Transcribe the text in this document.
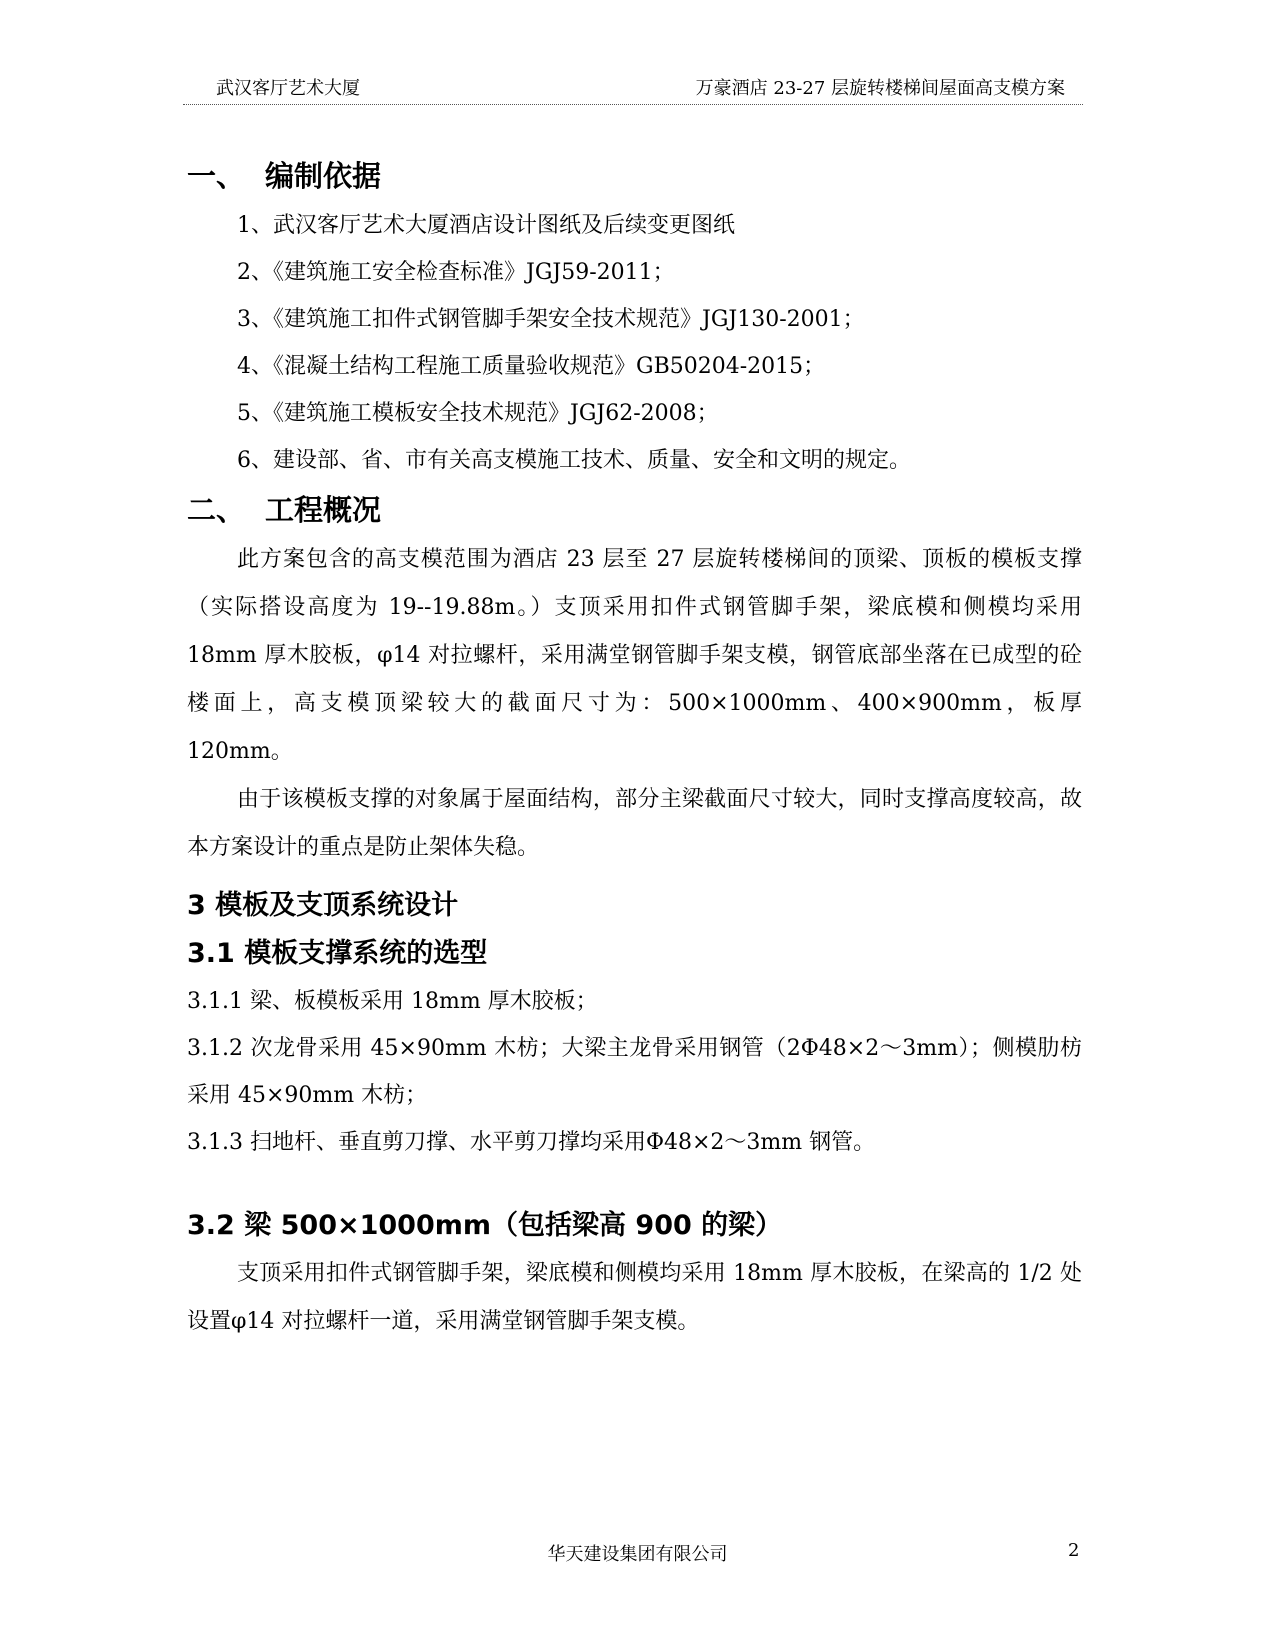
武汉客厅艺术大厦	万豪酒店 23-27 层旋转楼梯间屋面高支模方案
一、 编制依据

1、武汉客厅艺术大厦酒店设计图纸及后续变更图纸

2、《建筑施工安全检查标准》JGJ59-2011；

3、《建筑施工扣件式钢管脚手架安全技术规范》JGJ130-2001；

4、《混凝土结构工程施工质量验收规范》GB50204-2015；

5、《建筑施工模板安全技术规范》JGJ62-2008；

6、建设部、省、市有关高支模施工技术、质量、安全和文明的规定。

二、 工程概况

此方案包含的高支模范围为酒店 23 层至 27 层旋转楼梯间的顶梁、顶板的模板支撑（实际搭设高度为 19--19.88m。）支顶采用扣件式钢管脚手架，梁底模和侧模均采用 18mm 厚木胶板，φ14 对拉螺杆，采用满堂钢管脚手架支模，钢管底部坐落在已成型的砼楼面上，高支模顶梁较大的截面尺寸为：500×1000mm、400×900mm，板厚 120mm。

由于该模板支撑的对象属于屋面结构，部分主梁截面尺寸较大，同时支撑高度较高，故本方案设计的重点是防止架体失稳。

3 模板及支顶系统设计
3.1 模板支撑系统的选型

3.1.1 梁、板模板采用 18mm 厚木胶板；

3.1.2 次龙骨采用 45×90mm 木枋；大梁主龙骨采用钢管（2Φ48×2～3mm）；侧模肋枋采用 45×90mm 木枋；

3.1.3 扫地杆、垂直剪刀撑、水平剪刀撑均采用Φ48×2～3mm 钢管。

3.2 梁 500×1000mm（包括梁高 900 的梁）

支顶采用扣件式钢管脚手架，梁底模和侧模均采用 18mm 厚木胶板，在梁高的 1/2 处设置φ14 对拉螺杆一道，采用满堂钢管脚手架支模。

华天建设集团有限公司	2
